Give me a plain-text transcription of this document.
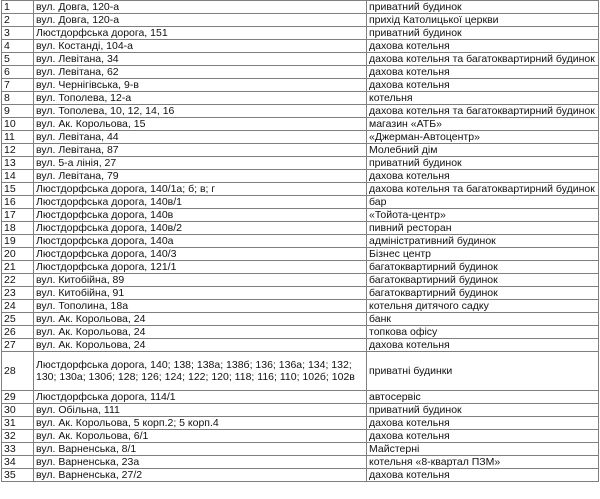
1	вул. Довга, 120-а	приватний будинок
2	вул. Довга, 120-а	прихід Католицької церкви
3	Люстдорфська дорога, 151	приватний будинок
4	вул. Костанді, 104-а	дахова котельня
5	вул. Левітана, 34	дахова котельня та багатоквартирний будинок
6	вул. Левітана, 62	дахова котельня
7	вул. Чернігівська, 9-в	дахова котельня
8	вул. Тополева, 12-а	котельня
9	вул. Тополева, 10, 12, 14, 16	дахова котельня та багатоквартирний будинок
10	вул. Ак. Корольова, 15	магазин «АТБ»
11	вул. Левітана, 44	«Джерман-Автоцентр»
12	вул. Левітана, 87	Молебний дім
13	вул. 5-а лінія, 27	приватний будинок
14	вул. Левітана, 79	дахова котельня
15	Люстдорфська дорога, 140/1а; б; в; г	дахова котельня та багатоквартирний будинок
16	Люстдорфська дорога, 140в/1	бар
17	Люстдорфська дорога, 140в	«Тойота-центр»
18	Люстдорфська дорога, 140в/2	пивний ресторан
19	Люстдорфська дорога, 140а	адміністративний будинок
20	Люстдорфська дорога, 140/3	Бізнес центр
21	Люстдорфська дорога, 121/1	багатоквартирний будинок
22	вул. Китобійна, 89	багатоквартирний будинок
23	вул. Китобійна, 91	багатоквартирний будинок
24	вул. Тополина, 18а	котельня дитячого садку
25	вул. Ак. Корольова, 24	банк
26	вул. Ак. Корольова, 24	топкова офісу
27	вул. Ак. Корольова, 24	дахова котельня
28	Люстдорфська дорога, 140; 138; 138а; 138б; 136; 136а; 134; 132; 130; 130а; 130б; 128; 126; 124; 122; 120; 118; 116; 110; 102б; 102в	приватні будинки
29	Люстдорфська дорога, 114/1	автосервіс
30	вул. Обільна, 111	приватний будинок
31	вул. Ак. Корольова, 5 корп.2; 5 корп.4	дахова котельня
32	вул. Ак. Корольова, 6/1	дахова котельня
33	вул. Варненська, 8/1	Майстерні
34	вул. Варненська, 23а	котельня «8-квартал ПЗМ»
35	вул. Варненська, 27/2	дахова котельня
